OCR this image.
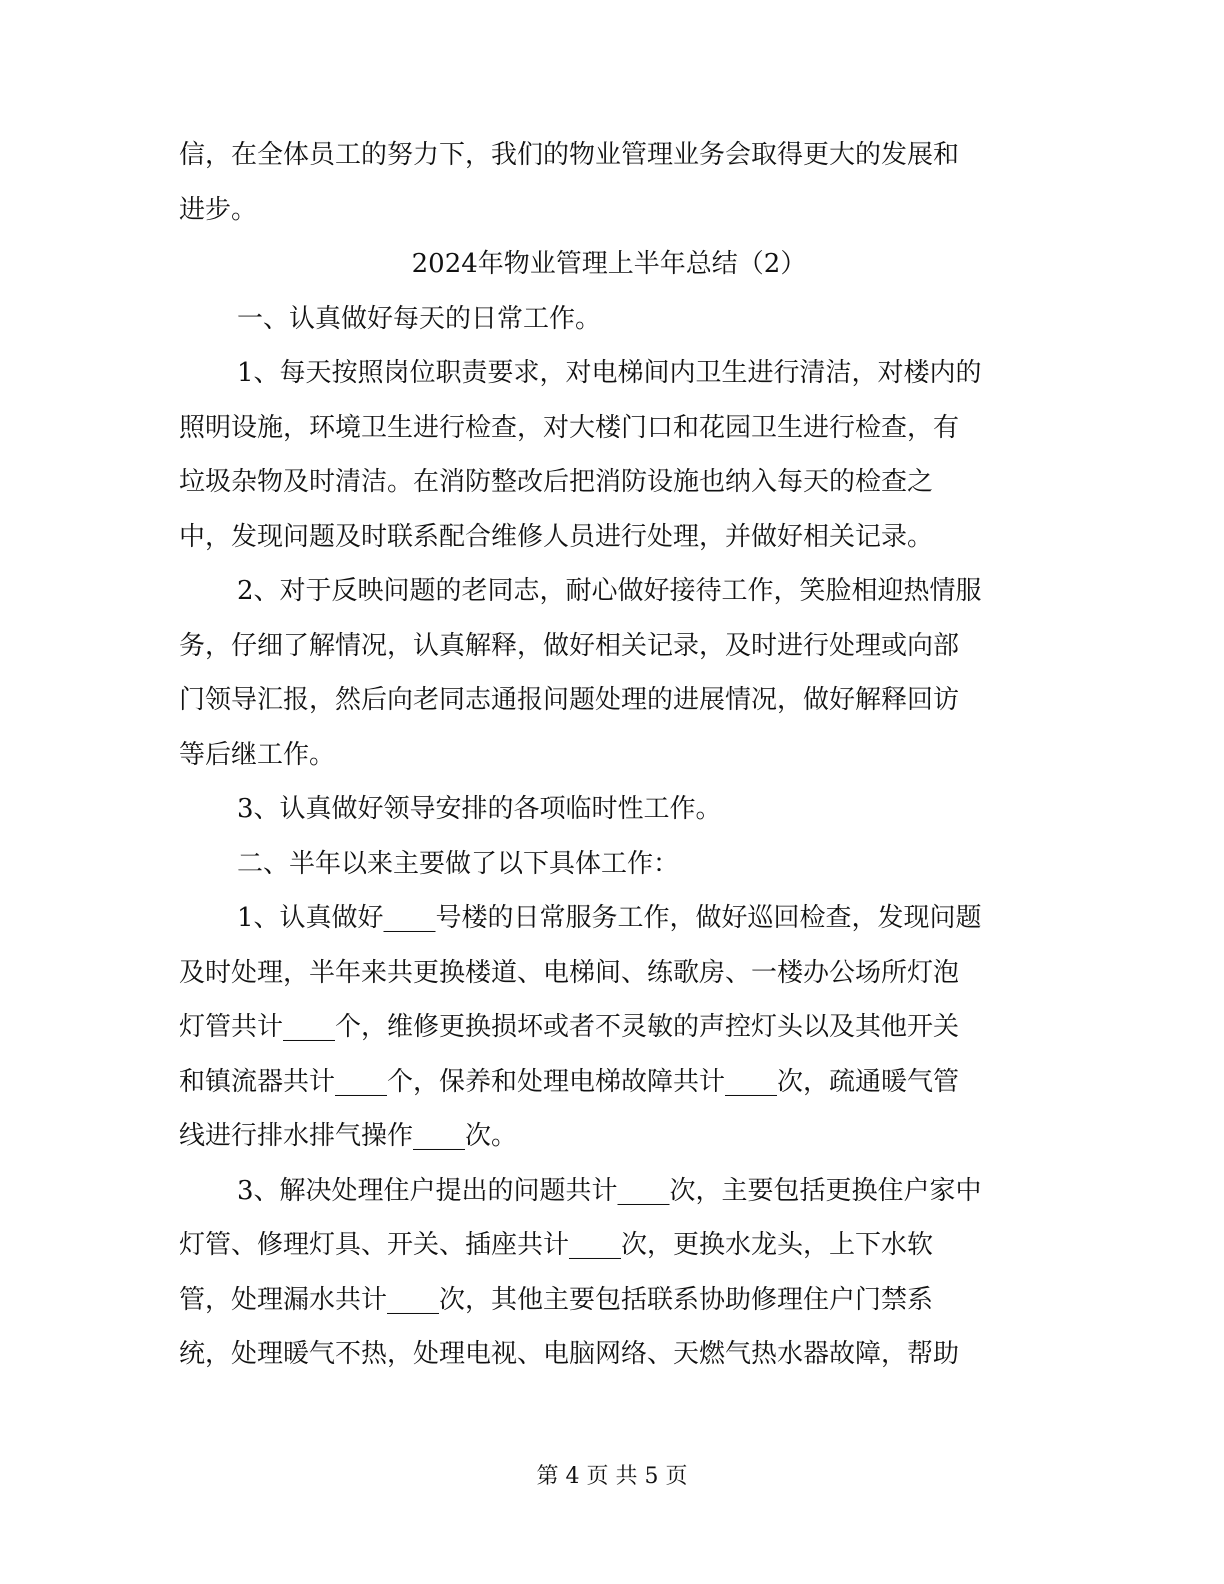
信，在全体员工的努力下，我们的物业管理业务会取得更大的发展和
进步。
2024年物业管理上半年总结（2）
一、认真做好每天的日常工作。
1、每天按照岗位职责要求，对电梯间内卫生进行清洁，对楼内的
照明设施，环境卫生进行检查，对大楼门口和花园卫生进行检查，有
垃圾杂物及时清洁。在消防整改后把消防设施也纳入每天的检查之
中，发现问题及时联系配合维修人员进行处理，并做好相关记录。
2、对于反映问题的老同志，耐心做好接待工作，笑脸相迎热情服
务，仔细了解情况，认真解释，做好相关记录，及时进行处理或向部
门领导汇报，然后向老同志通报问题处理的进展情况，做好解释回访
等后继工作。
3、认真做好领导安排的各项临时性工作。
二、半年以来主要做了以下具体工作：
1、认真做好____号楼的日常服务工作，做好巡回检查，发现问题
及时处理，半年来共更换楼道、电梯间、练歌房、一楼办公场所灯泡
灯管共计____个，维修更换损坏或者不灵敏的声控灯头以及其他开关
和镇流器共计____个，保养和处理电梯故障共计____次，疏通暖气管
线进行排水排气操作____次。
3、解决处理住户提出的问题共计____次，主要包括更换住户家中
灯管、修理灯具、开关、插座共计____次，更换水龙头，上下水软
管，处理漏水共计____次，其他主要包括联系协助修理住户门禁系
统，处理暖气不热，处理电视、电脑网络、天燃气热水器故障，帮助
第 4 页 共 5 页
